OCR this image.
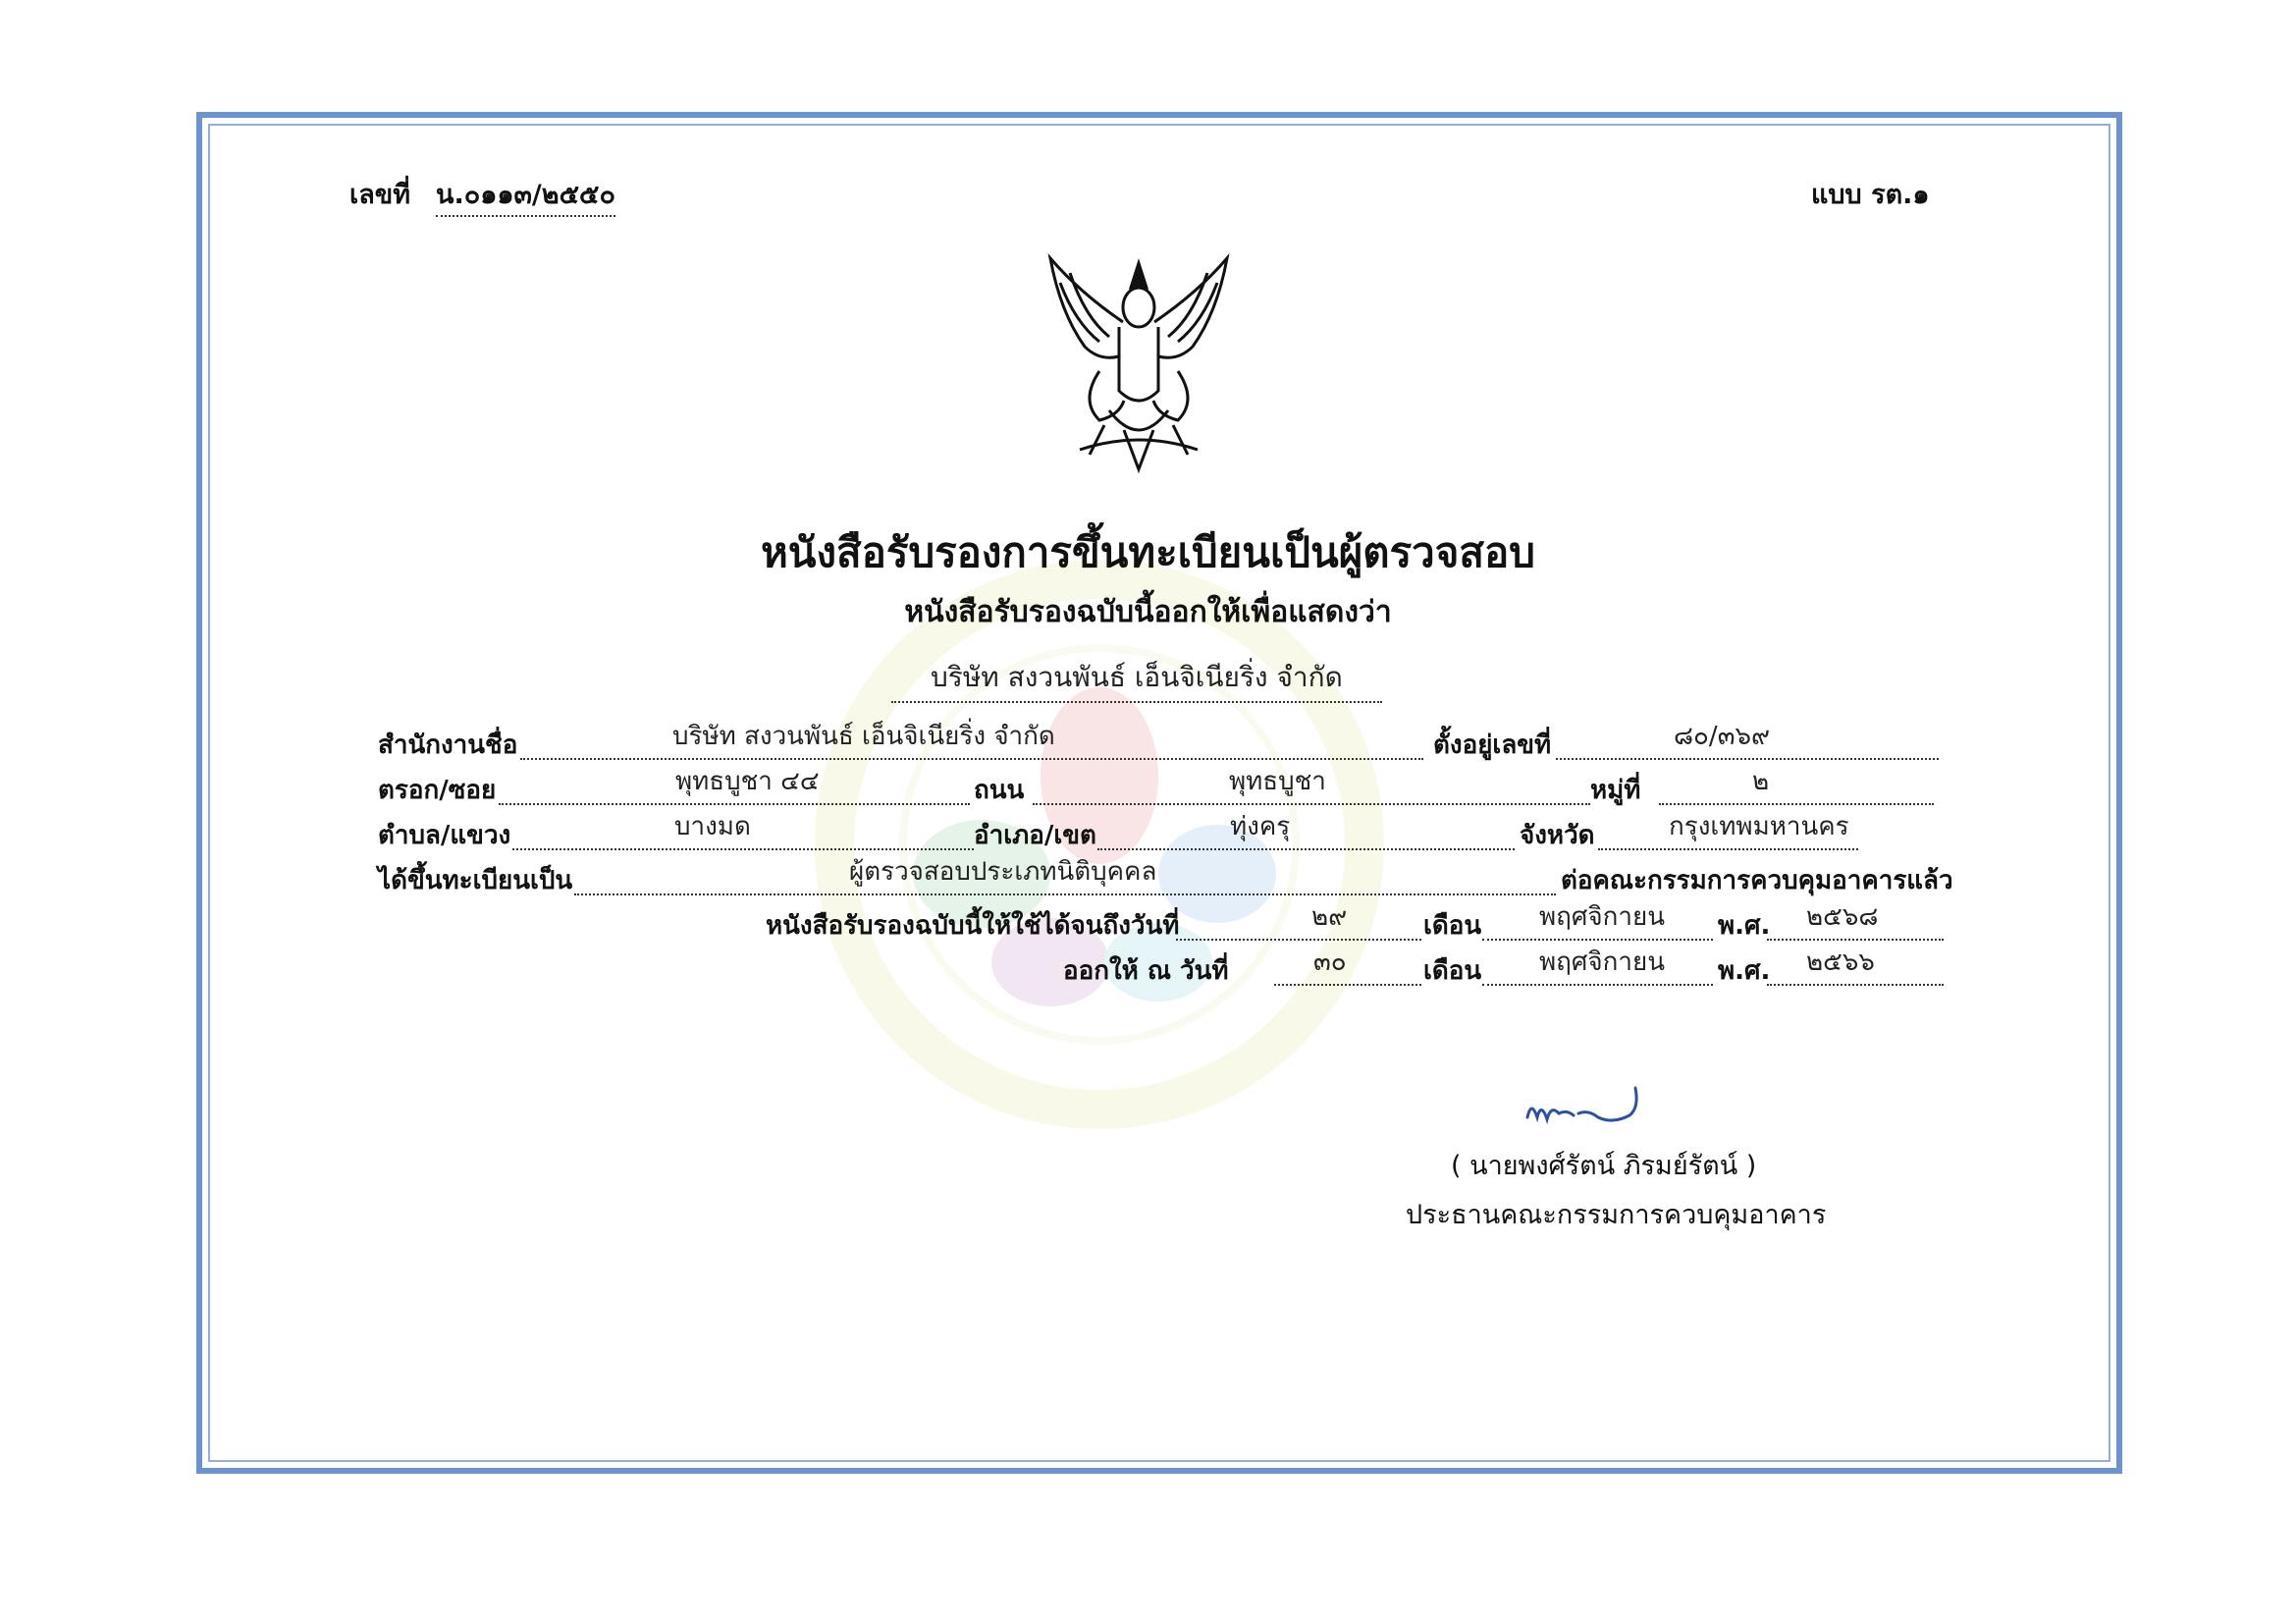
เลขที่ น.๐๑๑๓/๒๕๕๐	แบบ รต.๑
หนังสือรับรองการขึ้นทะเบียนเป็นผู้ตรวจสอบ
หนังสือรับรองฉบับนี้ออกให้เพื่อแสดงว่า
บริษัท สงวนพันธ์ เอ็นจิเนียริ่ง จำกัด
สำนักงานชื่อ	บริษัท สงวนพันธ์ เอ็นจิเนียริ่ง จำกัด	ตั้งอยู่เลขที่	๘๐/๓๖๙
ตรอก/ซอย	พุทธบูชา ๔๔	ถนน	พุทธบูชา	หมู่ที่	๒
ตำบล/แขวง	บางมด	อำเภอ/เขต	ทุ่งครุ	จังหวัด	กรุงเทพมหานคร
ได้ขึ้นทะเบียนเป็น	ผู้ตรวจสอบประเภทนิติบุคคล	ต่อคณะกรรมการควบคุมอาคารแล้ว
หนังสือรับรองฉบับนี้ให้ใช้ได้จนถึงวันที่	๒๙	เดือน พฤศจิกายน พ.ศ. ๒๕๖๘
ออกให้ ณ วันที่	๓๐	เดือน พฤศจิกายน พ.ศ. ๒๕๖๖
( นายพงศ์รัตน์ ภิรมย์รัตน์ )
ประธานคณะกรรมการควบคุมอาคาร
